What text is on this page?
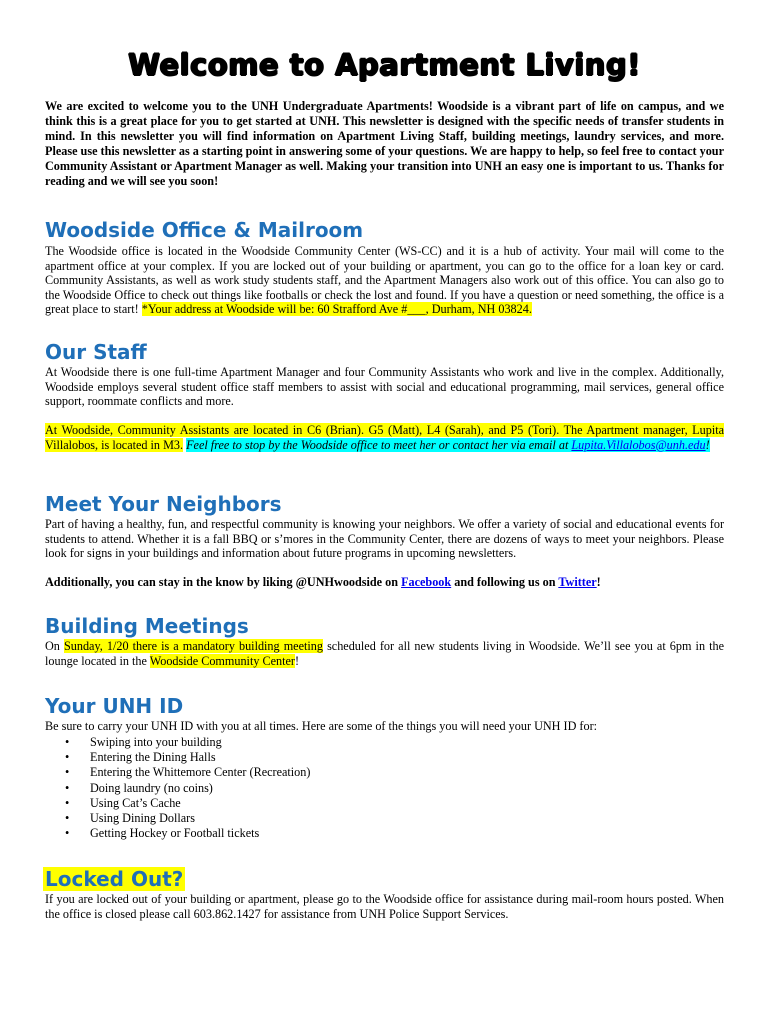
Welcome to Apartment Living!
We are excited to welcome you to the UNH Undergraduate Apartments! Woodside is a vibrant part of life on campus, and we think this is a great place for you to get started at UNH. This newsletter is designed with the specific needs of transfer students in mind. In this newsletter you will find information on Apartment Living Staff, building meetings, laundry services, and more. Please use this newsletter as a starting point in answering some of your questions. We are happy to help, so feel free to contact your Community Assistant or Apartment Manager as well. Making your transition into UNH an easy one is important to us. Thanks for reading and we will see you soon!
Woodside Office & Mailroom
The Woodside office is located in the Woodside Community Center (WS-CC) and it is a hub of activity. Your mail will come to the apartment office at your complex. If you are locked out of your building or apartment, you can go to the office for a loan key or card. Community Assistants, as well as work study students staff, and the Apartment Managers also work out of this office. You can also go to the Woodside Office to check out things like footballs or check the lost and found. If you have a question or need something, the office is a great place to start! *Your address at Woodside will be: 60 Strafford Ave #___, Durham, NH 03824.
Our Staff
At Woodside there is one full-time Apartment Manager and four Community Assistants who work and live in the complex. Additionally, Woodside employs several student office staff members to assist with social and educational programming, mail services, general office support, roommate conflicts and more.
At Woodside, Community Assistants are located in C6 (Brian). G5 (Matt), L4 (Sarah), and P5 (Tori). The Apartment manager, Lupita Villalobos, is located in M3. Feel free to stop by the Woodside office to meet her or contact her via email at Lupita.Villalobos@unh.edu!
Meet Your Neighbors
Part of having a healthy, fun, and respectful community is knowing your neighbors. We offer a variety of social and educational events for students to attend. Whether it is a fall BBQ or s’mores in the Community Center, there are dozens of ways to meet your neighbors. Please look for signs in your buildings and information about future programs in upcoming newsletters.
Additionally, you can stay in the know by liking @UNHwoodside on Facebook and following us on Twitter!
Building Meetings
On Sunday, 1/20 there is a mandatory building meeting scheduled for all new students living in Woodside. We’ll see you at 6pm in the lounge located in the Woodside Community Center!
Your UNH ID
Be sure to carry your UNH ID with you at all times. Here are some of the things you will need your UNH ID for:
• Swiping into your building
• Entering the Dining Halls
• Entering the Whittemore Center (Recreation)
• Doing laundry (no coins)
• Using Cat’s Cache
• Using Dining Dollars
• Getting Hockey or Football tickets
Locked Out?
If you are locked out of your building or apartment, please go to the Woodside office for assistance during mail-room hours posted. When the office is closed please call 603.862.1427 for assistance from UNH Police Support Services.
